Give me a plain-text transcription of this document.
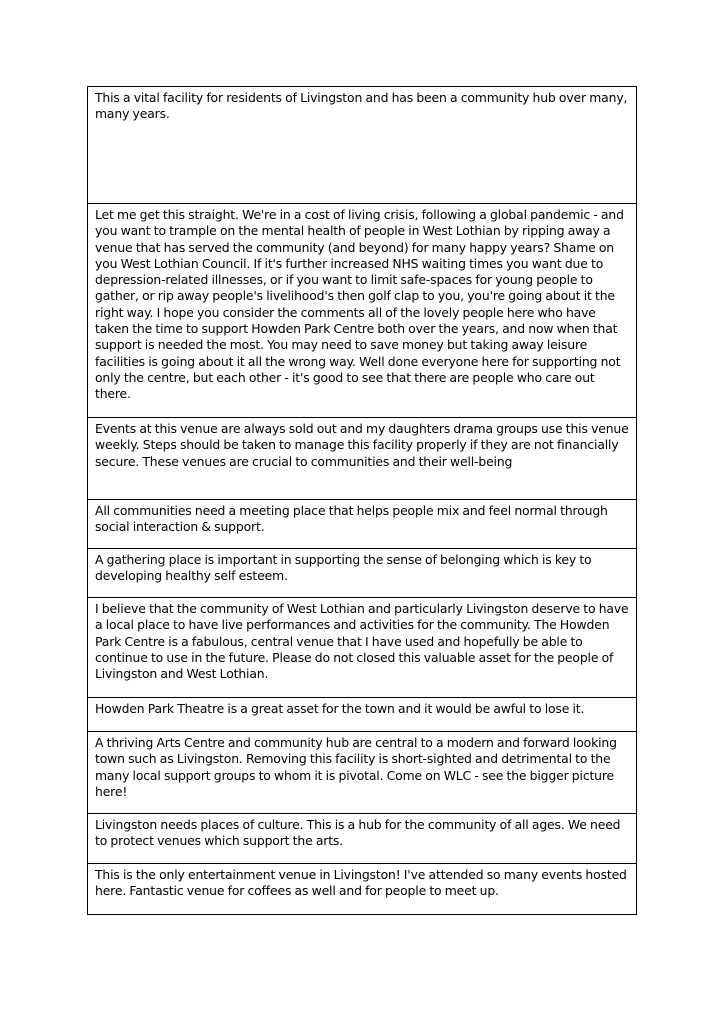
This a vital facility for residents of Livingston and has been a community hub over many, many years.

Let me get this straight. We're in a cost of living crisis, following a global pandemic - and you want to trample on the mental health of people in West Lothian by ripping away a venue that has served the community (and beyond) for many happy years? Shame on you West Lothian Council. If it's further increased NHS waiting times you want due to depression-related illnesses, or if you want to limit safe-spaces for young people to gather, or rip away people's livelihood's then golf clap to you, you're going about it the right way. I hope you consider the comments all of the lovely people here who have taken the time to support Howden Park Centre both over the years, and now when that support is needed the most. You may need to save money but taking away leisure facilities is going about it all the wrong way. Well done everyone here for supporting not only the centre, but each other - it's good to see that there are people who care out there.

Events at this venue are always sold out and my daughters drama groups use this venue weekly. Steps should be taken to manage this facility properly if they are not financially secure. These venues are crucial to communities and their well-being

All communities need a meeting place that helps people mix and feel normal through social interaction & support.

A gathering place is important in supporting the sense of belonging which is key to developing healthy self esteem.

I believe that the community of West Lothian and particularly Livingston deserve to have a local place to have live performances and activities for the community. The Howden Park Centre is a fabulous, central venue that I have used and hopefully be able to continue to use in the future. Please do not closed this valuable asset for the people of Livingston and West Lothian.

Howden Park Theatre is a great asset for the town and it would be awful to lose it.

A thriving Arts Centre and community hub are central to a modern and forward looking town such as Livingston. Removing this facility is short-sighted and detrimental to the many local support groups to whom it is pivotal. Come on WLC - see the bigger picture here!

Livingston needs places of culture. This is a hub for the community of all ages. We need to protect venues which support the arts.

This is the only entertainment venue in Livingston! I've attended so many events hosted here. Fantastic venue for coffees as well and for people to meet up.
